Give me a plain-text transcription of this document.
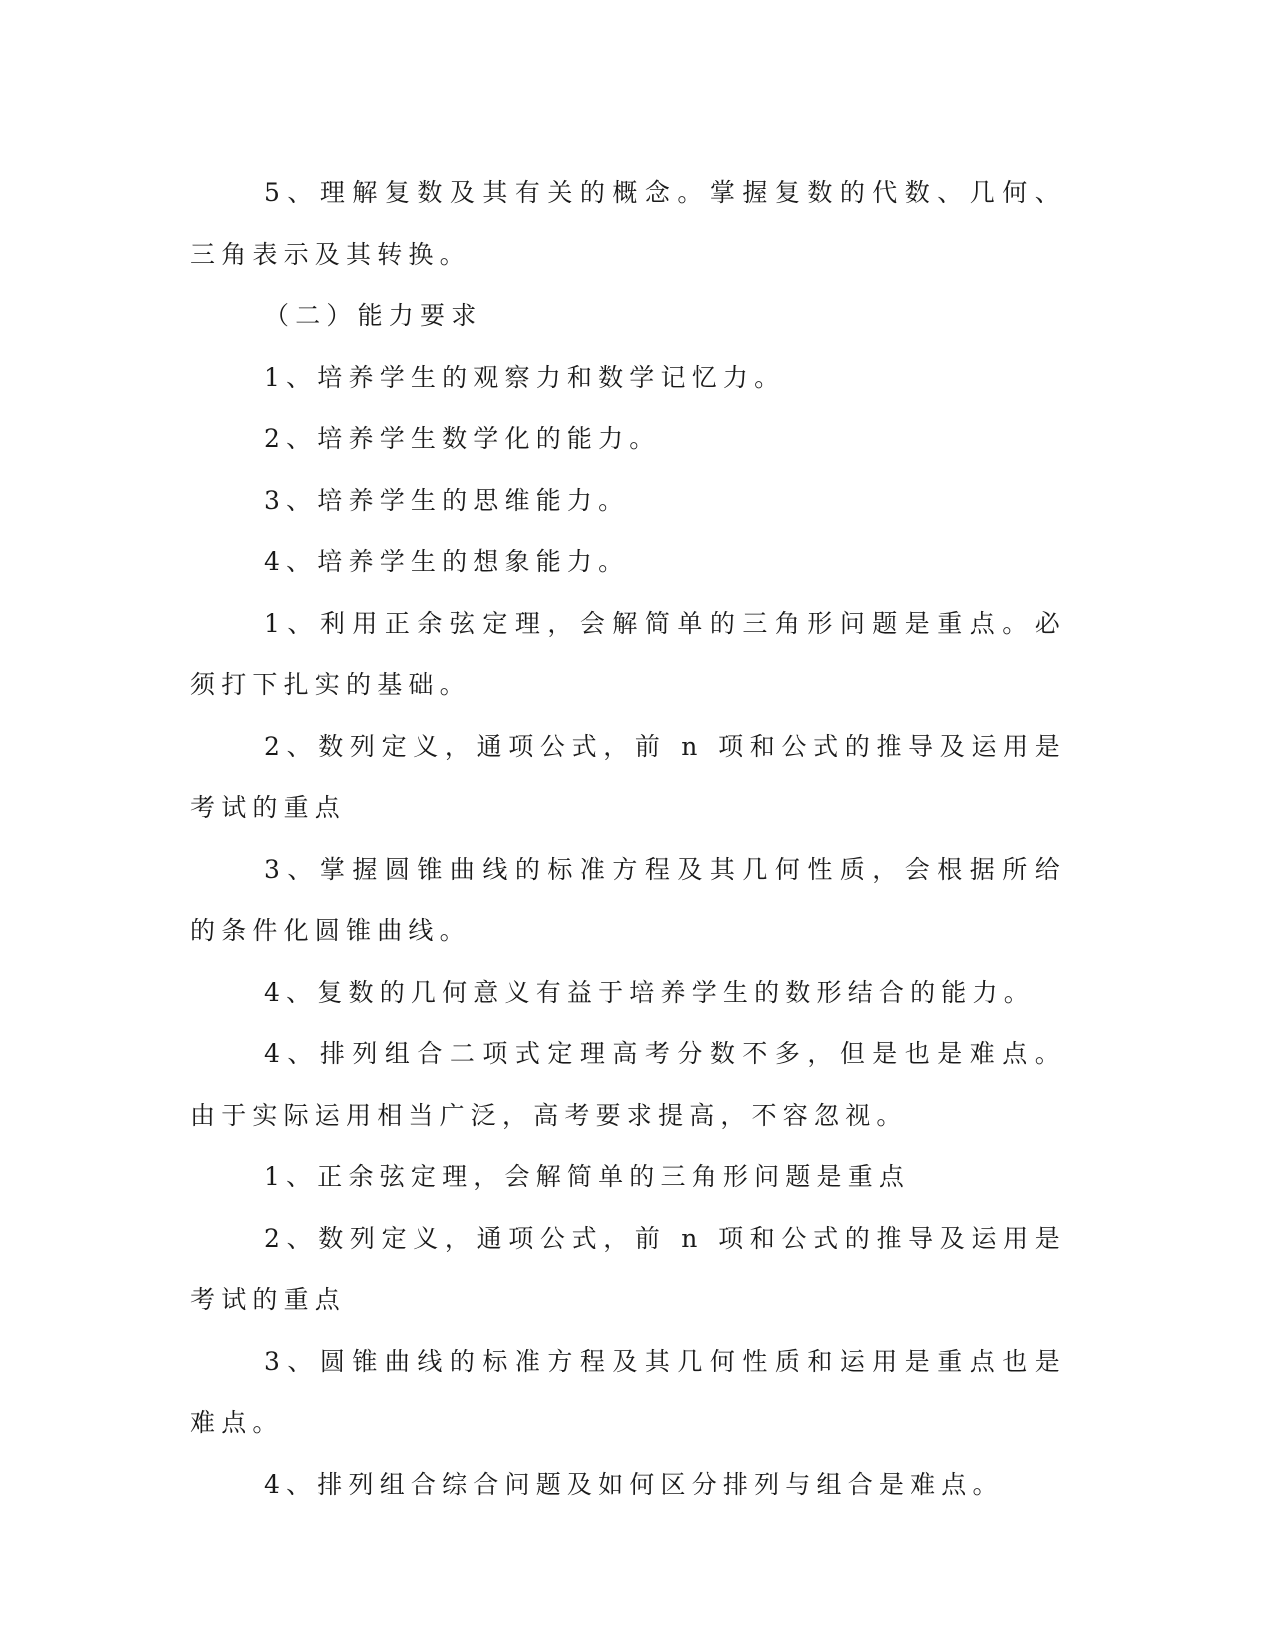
5、理解复数及其有关的概念。掌握复数的代数、几何、三角表示及其转换。

（二）能力要求

1、培养学生的观察力和数学记忆力。

2、培养学生数学化的能力。

3、培养学生的思维能力。

4、培养学生的想象能力。

1、利用正余弦定理，会解简单的三角形问题是重点。必须打下扎实的基础。

2、数列定义，通项公式，前 n 项和公式的推导及运用是考试的重点

3、掌握圆锥曲线的标准方程及其几何性质，会根据所给的条件化圆锥曲线。

4、复数的几何意义有益于培养学生的数形结合的能力。

4、排列组合二项式定理高考分数不多，但是也是难点。由于实际运用相当广泛，高考要求提高，不容忽视。

1、正余弦定理，会解简单的三角形问题是重点

2、数列定义，通项公式，前 n 项和公式的推导及运用是考试的重点

3、圆锥曲线的标准方程及其几何性质和运用是重点也是难点。

4、排列组合综合问题及如何区分排列与组合是难点。
